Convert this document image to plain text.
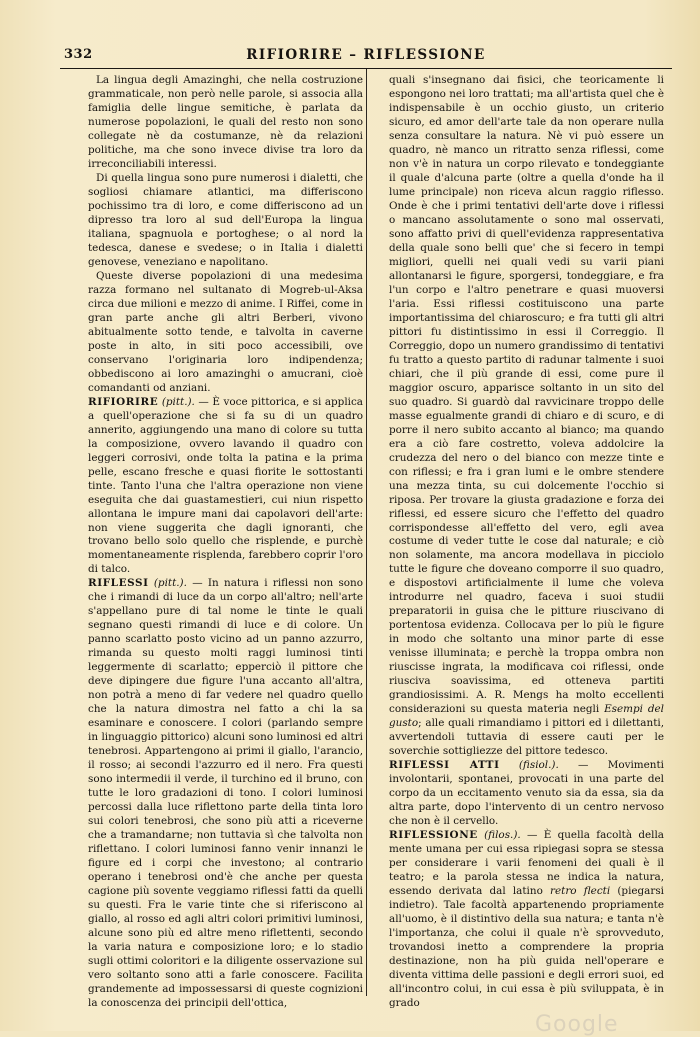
332	RIFIORIRE – RIFLESSIONE

La lingua degli Amazinghi, che nella costruzione grammaticale, non però nelle parole, si associa alla famiglia delle lingue semitiche, è parlata da numerose popolazioni, le quali del resto non sono collegate nè da costumanze, nè da relazioni politiche, ma che sono invece divise tra loro da irreconciliabili interessi.

Di quella lingua sono pure numerosi i dialetti, che sogliosi chiamare atlantici, ma differiscono pochissimo tra di loro, e come differiscono ad un dipresso tra loro al sud dell'Europa la lingua italiana, spagnuola e portoghese; o al nord la tedesca, danese e svedese; o in Italia i dialetti genovese, veneziano e napolitano.

Queste diverse popolazioni di una medesima razza formano nel sultanato di Mogreb-ul-Aksa circa due milioni e mezzo di anime. I Riffei, come in gran parte anche gli altri Berberi, vivono abitualmente sotto tende, e talvolta in caverne poste in alto, in siti poco accessibili, ove conservano l'originaria loro indipendenza; obbediscono ai loro amazinghi o amucrani, cioè comandanti od anziani.

RIFIORIRE (pitt.). — È voce pittorica, e si applica a quell'operazione che si fa su di un quadro annerito, aggiungendo una mano di colore su tutta la composizione, ovvero lavando il quadro con leggeri corrosivi, onde tolta la patina e la prima pelle, escano fresche e quasi fiorite le sottostanti tinte. Tanto l'una che l'altra operazione non viene eseguita che dai guastamestieri, cui niun rispetto allontana le impure mani dai capolavori dell'arte: non viene suggerita che dagli ignoranti, che trovano bello solo quello che risplende, e purchè momentaneamente risplenda, farebbero coprir l'oro di talco.

RIFLESSI (pitt.). — In natura i riflessi non sono che i rimandi di luce da un corpo all'altro; nell'arte s'appellano pure di tal nome le tinte le quali segnano questi rimandi di luce e di colore. Un panno scarlatto posto vicino ad un panno azzurro, rimanda su questo molti raggi luminosi tinti leggermente di scarlatto; epperciò il pittore che deve dipingere due figure l'una accanto all'altra, non potrà a meno di far vedere nel quadro quello che la natura dimostra nel fatto a chi la sa esaminare e conoscere. I colori (parlando sempre in linguaggio pittorico) alcuni sono luminosi ed altri tenebrosi. Appartengono ai primi il giallo, l'arancio, il rosso; ai secondi l'azzurro ed il nero. Fra questi sono intermedii il verde, il turchino ed il bruno, con tutte le loro gradazioni di tono. I colori luminosi percossi dalla luce riflettono parte della tinta loro sui colori tenebrosi, che sono più atti a riceverne che a tramandarne; non tuttavia sì che talvolta non riflettano. I colori luminosi fanno venir innanzi le figure ed i corpi che investono; al contrario operano i tenebrosi ond'è che anche per questa cagione più sovente veggiamo riflessi fatti da quelli su questi. Fra le varie tinte che si riferiscono al giallo, al rosso ed agli altri colori primitivi luminosi, alcune sono più ed altre meno riflettenti, secondo la varia natura e composizione loro; e lo stadio sugli ottimi coloritori e la diligente osservazione sul vero soltanto sono atti a farle conoscere. Facilita grandemente ad impossessarsi di queste cognizioni la conoscenza dei principii dell'ottica,

quali s'insegnano dai fisici, che teoricamente li espongono nei loro trattati; ma all'artista quel che è indispensabile è un occhio giusto, un criterio sicuro, ed amor dell'arte tale da non operare nulla senza consultare la natura. Nè vi può essere un quadro, nè manco un ritratto senza riflessi, come non v'è in natura un corpo rilevato e tondeggiante il quale d'alcuna parte (oltre a quella d'onde ha il lume principale) non riceva alcun raggio riflesso. Onde è che i primi tentativi dell'arte dove i riflessi o mancano assolutamente o sono mal osservati, sono affatto privi di quell'evidenza rappresentativa della quale sono belli que' che si fecero in tempi migliori, quelli nei quali vedi su varii piani allontanarsi le figure, sporgersi, tondeggiare, e fra l'un corpo e l'altro penetrare e quasi muoversi l'aria. Essi riflessi costituiscono una parte importantissima del chiaroscuro; e fra tutti gli altri pittori fu distintissimo in essi il Correggio. Il Correggio, dopo un numero grandissimo di tentativi fu tratto a questo partito di radunar talmente i suoi chiari, che il più grande di essi, come pure il maggior oscuro, apparisce soltanto in un sito del suo quadro. Si guardò dal ravvicinare troppo delle masse egualmente grandi di chiaro e di scuro, e di porre il nero subito accanto al bianco; ma quando era a ciò fare costretto, voleva addolcire la crudezza del nero o del bianco con mezze tinte e con riflessi; e fra i gran lumi e le ombre stendere una mezza tinta, su cui dolcemente l'occhio si riposa. Per trovare la giusta gradazione e forza dei riflessi, ed essere sicuro che l'effetto del quadro corrispondesse all'effetto del vero, egli avea costume di veder tutte le cose dal naturale; e ciò non solamente, ma ancora modellava in picciolo tutte le figure che doveano comporre il suo quadro, e dispostovi artificialmente il lume che voleva introdurre nel quadro, faceva i suoi studii preparatorii in guisa che le pitture riuscivano di portentosa evidenza. Collocava per lo più le figure in modo che soltanto una minor parte di esse venisse illuminata; e perchè la troppa ombra non riuscisse ingrata, la modificava coi riflessi, onde riusciva soavissima, ed otteneva partiti grandiosissimi. A. R. Mengs ha molto eccellenti considerazioni su questa materia negli Esempi del gusto; alle quali rimandiamo i pittori ed i dilettanti, avvertendoli tuttavia di essere cauti per le soverchie sottigliezze del pittore tedesco.

RIFLESSI ATTI (fisiol.). — Movimenti involontarii, spontanei, provocati in una parte del corpo da un eccitamento venuto sia da essa, sia da altra parte, dopo l'intervento di un centro nervoso che non è il cervello.

RIFLESSIONE (filos.). — È quella facoltà della mente umana per cui essa ripiegasi sopra se stessa per considerare i varii fenomeni dei quali è il teatro; e la parola stessa ne indica la natura, essendo derivata dal latino retro flecti (piegarsi indietro). Tale facoltà appartenendo propriamente all'uomo, è il distintivo della sua natura; e tanta n'è l'importanza, che colui il quale n'è sprovveduto, trovandosi inetto a comprendere la propria destinazione, non ha più guida nell'operare e diventa vittima delle passioni e degli errori suoi, ed all'incontro colui, in cui essa è più sviluppata, è in grado

Google
